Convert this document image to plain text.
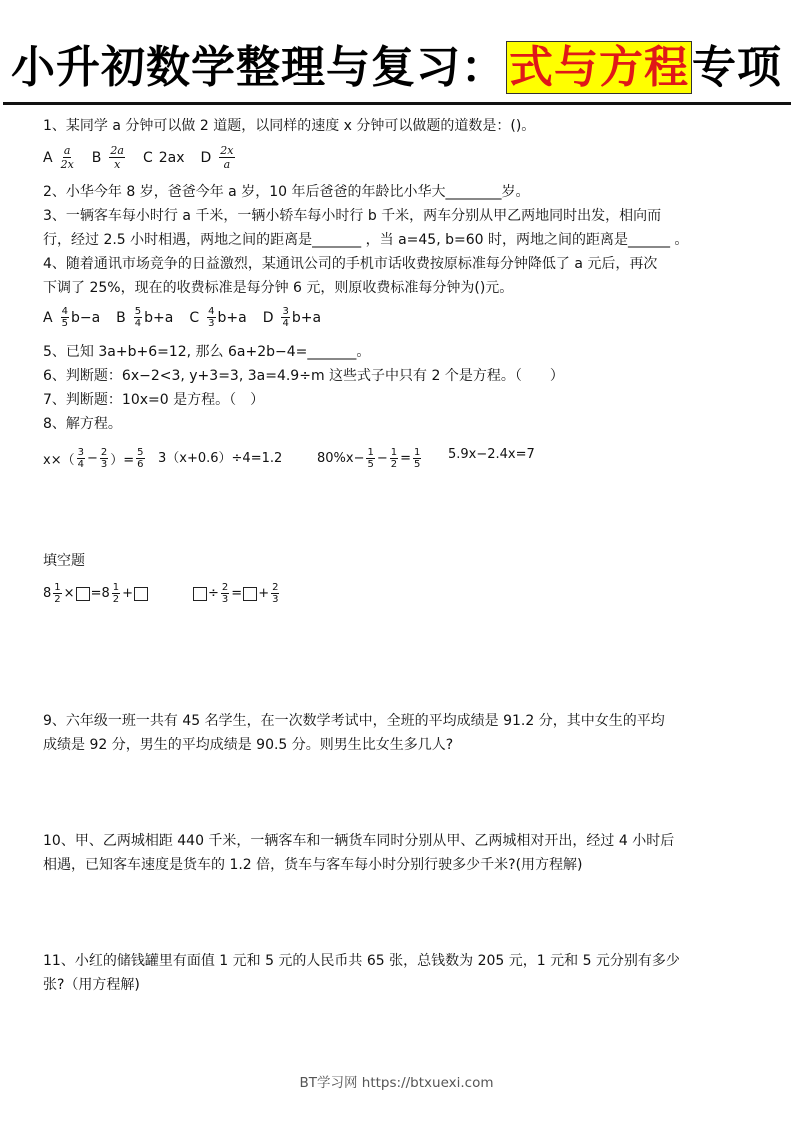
小升初数学整理与复习：式与方程专项
1、某同学 a 分钟可以做 2 道题，以同样的速度 x 分钟可以做题的道数是：()。
A $\frac{a}{2x}$ B $\frac{2a}{x}$ C 2ax D $\frac{2x}{a}$
2、小华今年 8 岁，爸爸今年 a 岁，10 年后爸爸的年龄比小华大________岁。
3、一辆客车每小时行 a 千米，一辆小轿车每小时行 b 千米，两车分别从甲乙两地同时出发，相向而
行，经过 2.5 小时相遇，两地之间的距离是_______ ，当 a=45, b=60 时，两地之间的距离是______ 。
4、随着通讯市场竞争的日益激烈，某通讯公司的手机市话收费按原标准每分钟降低了 a 元后，再次
下调了 25%，现在的收费标准是每分钟 6 元，则原收费标准每分钟为()元。
A $\frac{4}{5} b-a$ B $\frac{5}{4} b+a$ C $\frac{4}{3} b+a$ D $\frac{3}{4} b+a$
5、已知 3a+b+6=12, 那么 6a+2b−4=_______。
6、判断题：6x−2<3, y+3=3, 3a=4.9÷m 这些式子中只有 2 个是方程。（　　）
7、判断题：10x=0 是方程。（　）
8、解方程。
$x\times( \frac{3}{4} - \frac{2}{3}$ ）= $\frac{5}{6} 3(x+0.6)\div 4=1.2$	$80\%x- \frac{1}{5} - \frac{1}{2} = \frac{1}{5} 5.9x-2.4x=7$
填空题
$8 \frac{1}{2}$ × = $8 \frac{1}{2}$ +	÷ $\frac{2}{3}$ = + $\frac{2}{3}$
9、六年级一班一共有 45 名学生，在一次数学考试中，全班的平均成绩是 91.2 分，其中女生的平均
成绩是 92 分，男生的平均成绩是 90.5 分。则男生比女生多几人?
10、甲、乙两城相距 440 千米，一辆客车和一辆货车同时分别从甲、乙两城相对开出，经过 4 小时后
相遇，已知客车速度是货车的 1.2 倍，货车与客车每小时分别行驶多少千米?(用方程解)
11、小红的储钱罐里有面值 1 元和 5 元的人民币共 65 张，总钱数为 205 元，1 元和 5 元分别有多少
张?（用方程解)
BT学习网 https://btxuexi.com
